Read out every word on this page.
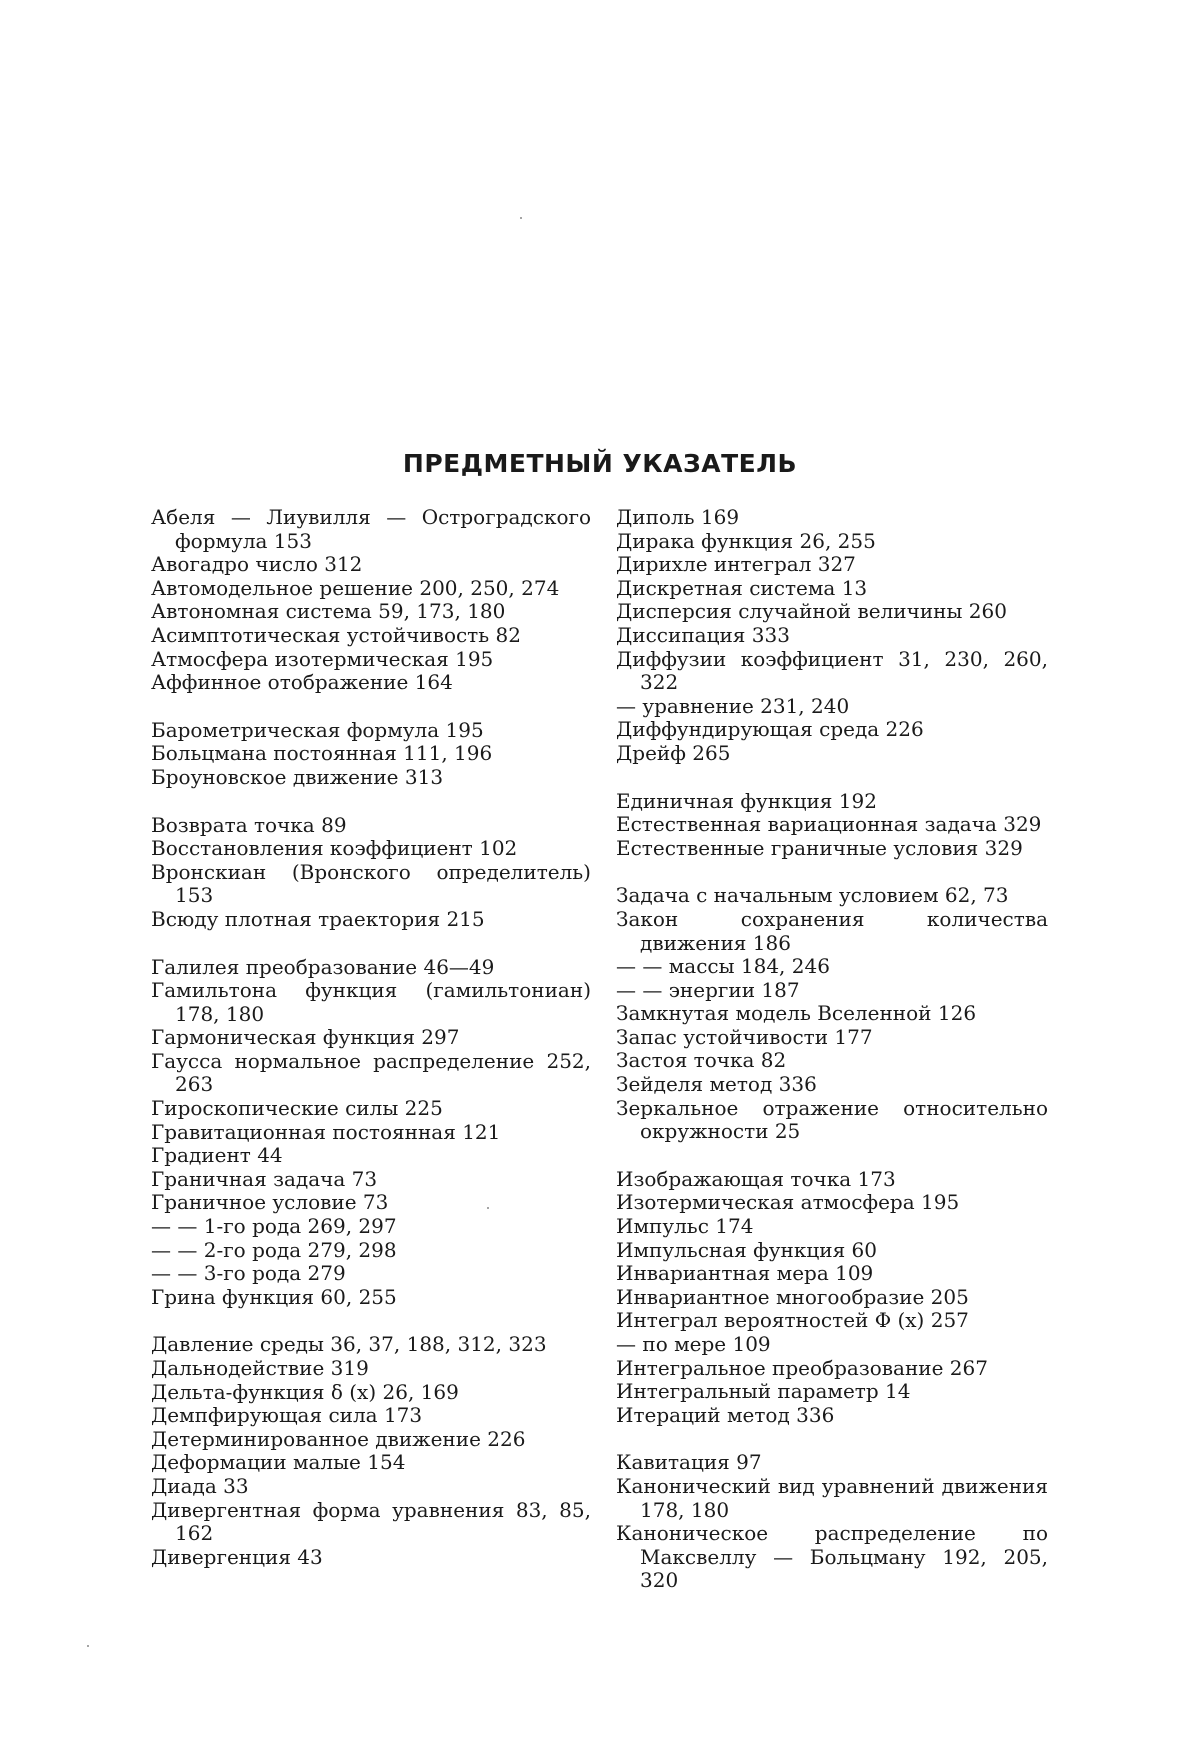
ПРЕДМЕТНЫЙ УКАЗАТЕЛЬ
Абеля — Лиувилля — Остроградского формула 153
Авогадро число 312
Автомодельное решение 200, 250, 274
Автономная система 59, 173, 180
Асимптотическая устойчивость 82
Атмосфера изотермическая 195
Аффинное отображение 164
Барометрическая формула 195
Больцмана постоянная 111, 196
Броуновское движение 313
Возврата точка 89
Восстановления коэффициент 102
Вронскиан (Вронского определитель) 153
Всюду плотная траектория 215
Галилея преобразование 46—49
Гамильтона функция (гамильтониан) 178, 180
Гармоническая функция 297
Гаусса нормальное распределение 252, 263
Гироскопические силы 225
Гравитационная постоянная 121
Градиент 44
Граничная задача 73
Граничное условие 73
— — 1-го рода 269, 297
— — 2-го рода 279, 298
— — 3-го рода 279
Грина функция 60, 255
Давление среды 36, 37, 188, 312, 323
Дальнодействие 319
Дельта-функция δ (x) 26, 169
Демпфирующая сила 173
Детерминированное движение 226
Деформации малые 154
Диада 33
Дивергентная форма уравнения 83, 85, 162
Дивергенция 43
Диполь 169
Дирака функция 26, 255
Дирихле интеграл 327
Дискретная система 13
Дисперсия случайной величины 260
Диссипация 333
Диффузии коэффициент 31, 230, 260, 322
— уравнение 231, 240
Диффундирующая среда 226
Дрейф 265
Единичная функция 192
Естественная вариационная задача 329
Естественные граничные условия 329
Задача с начальным условием 62, 73
Закон сохранения количества движения 186
— — массы 184, 246
— — энергии 187
Замкнутая модель Вселенной 126
Запас устойчивости 177
Застоя точка 82
Зейделя метод 336
Зеркальное отражение относительно окружности 25
Изображающая точка 173
Изотермическая атмосфера 195
Импульс 174
Импульсная функция 60
Инвариантная мера 109
Инвариантное многообразие 205
Интеграл вероятностей Φ (x) 257
— по мере 109
Интегральное преобразование 267
Интегральный параметр 14
Итераций метод 336
Кавитация 97
Канонический вид уравнений движения 178, 180
Каноническое распределение по Максвеллу — Больцману 192, 205, 320
